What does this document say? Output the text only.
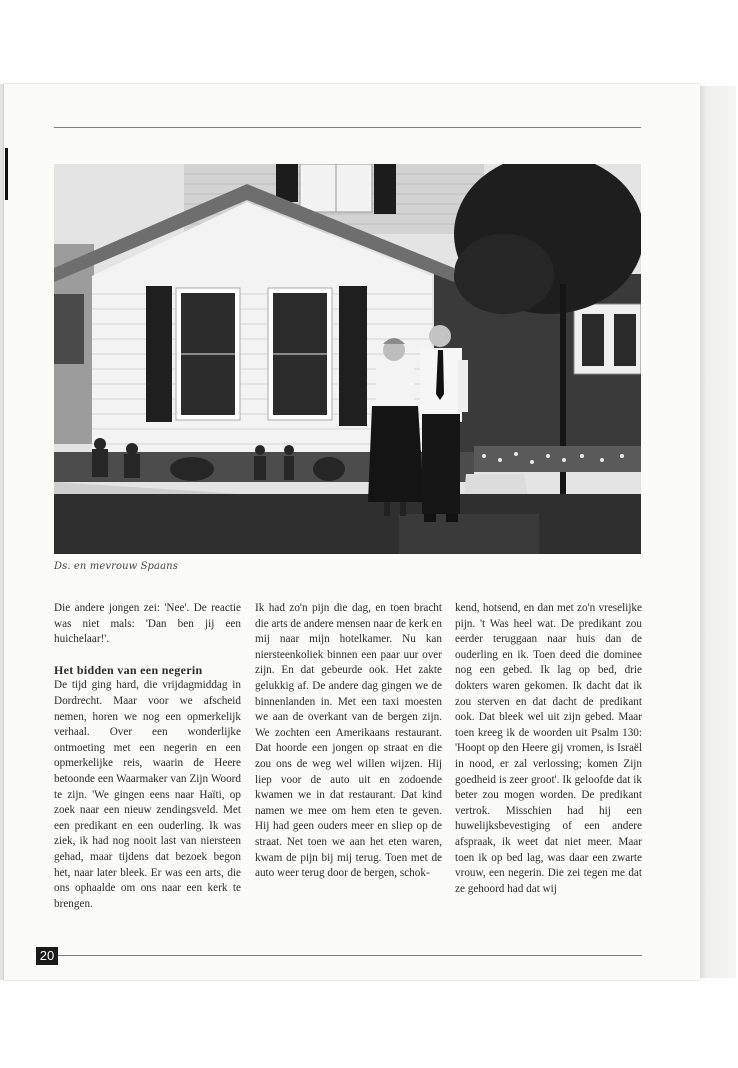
Ds. en mevrouw Spaans

Die andere jongen zei: 'Nee'. De reactie was niet mals: 'Dan ben jij een huichelaar!'.

Het bidden van een negerin

De tijd ging hard, die vrijdagmiddag in Dordrecht. Maar voor we afscheid nemen, horen we nog een opmerkelijk verhaal. Over een wonderlijke ontmoeting met een negerin en een opmerkelijke reis, waarin de Heere betoonde een Waarmaker van Zijn Woord te zijn. 'We gingen eens naar Haïti, op zoek naar een nieuw zendingsveld. Met een predikant en een ouderling. Ik was ziek, ik had nog nooit last van niersteen gehad, maar tijdens dat bezoek begon het, naar later bleek. Er was een arts, die ons ophaalde om ons naar een kerk te brengen.

Ik had zo'n pijn die dag, en toen bracht die arts de andere mensen naar de kerk en mij naar mijn hotelkamer. Nu kan niersteenkoliek binnen een paar uur over zijn. En dat gebeurde ook. Het zakte gelukkig af. De andere dag gingen we de binnenlanden in. Met een taxi moesten we aan de overkant van de bergen zijn. We zochten een Amerikaans restaurant. Dat hoorde een jongen op straat en die zou ons de weg wel willen wijzen. Hij liep voor de auto uit en zodoende kwamen we in dat restaurant. Dat kind namen we mee om hem eten te geven. Hij had geen ouders meer en sliep op de straat. Net toen we aan het eten waren, kwam de pijn bij mij terug. Toen met de auto weer terug door de bergen, schok-

kend, hotsend, en dan met zo'n vreselijke pijn. 't Was heel wat. De predikant zou eerder teruggaan naar huis dan de ouderling en ik. Toen deed die dominee nog een gebed. Ik lag op bed, drie dokters waren gekomen. Ik dacht dat ik zou sterven en dat dacht de predikant ook. Dat bleek wel uit zijn gebed. Maar toen kreeg ik de woorden uit Psalm 130: 'Hoopt op den Heere gij vromen, is Israël in nood, er zal verlossing; komen Zijn goedheid is zeer groot'. Ik geloofde dat ik beter zou mogen worden. De predikant vertrok. Misschien had hij een huwelijksbevestiging of een andere afspraak, ik weet dat niet meer. Maar toen ik op bed lag, was daar een zwarte vrouw, een negerin. Die zei tegen me dat ze gehoord had dat wij

20
